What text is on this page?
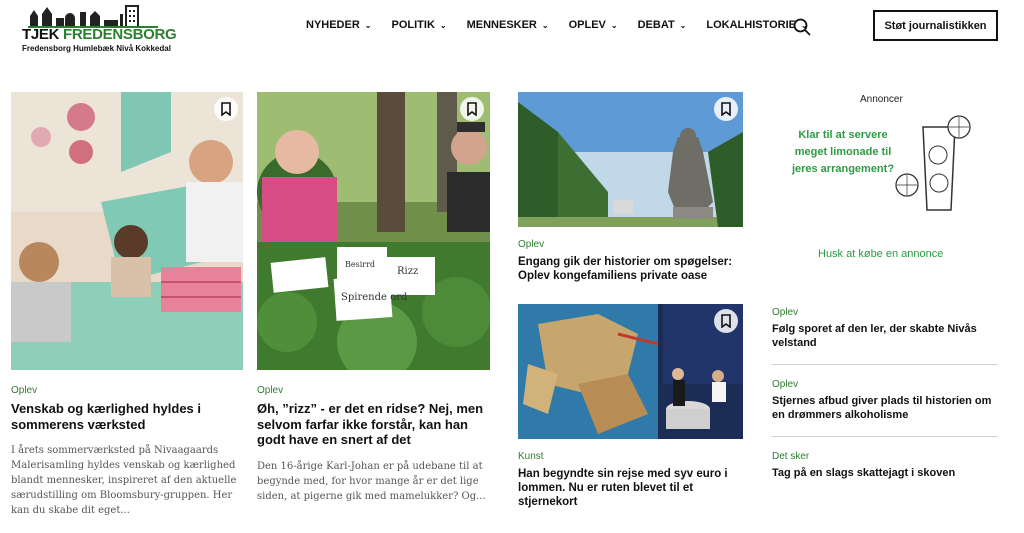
TJEK FREDENSBORG
Fredensborg Humlebæk Nivå Kokkedal
NYHEDER ⌄ POLITIK ⌄ MENNESKER ⌄ OPLEV ⌄ DEBAT ⌄ LOKALHISTORIE ⌄	Støt journalistikken
Oplev
Venskab og kærlighed hyldes i sommerens værksted
I årets sommerværksted på Nivaagaards Malerisamling hyldes venskab og kærlighed blandt mennesker, inspireret af den aktuelle særudstilling om Bloomsbury-gruppen. Her kan du skabe dit eget...
Besirrd
Rizz
Spirende ord
Oplev
Øh, ”rizz” - er det en ridse? Nej, men selvom farfar ikke forstår, kan han godt have en snert af det
Den 16-årige Karl-Johan er på udebane til at begynde med, for hvor mange år er det lige siden, at pigerne gik med mamelukker? Og...
Oplev
Engang gik der historier om spøgelser: Oplev kongefamiliens private oase
Kunst
Han begyndte sin rejse med syv euro i lommen. Nu er ruten blevet til et stjernekort
Annoncer
Klar til at servere meget limonade til jeres arrangement?
Husk at købe en annonce
Oplev
Følg sporet af den ler, der skabte Nivås velstand
Oplev
Stjernes afbud giver plads til historien om en drømmers alkoholisme
Det sker
Tag på en slags skattejagt i skoven
